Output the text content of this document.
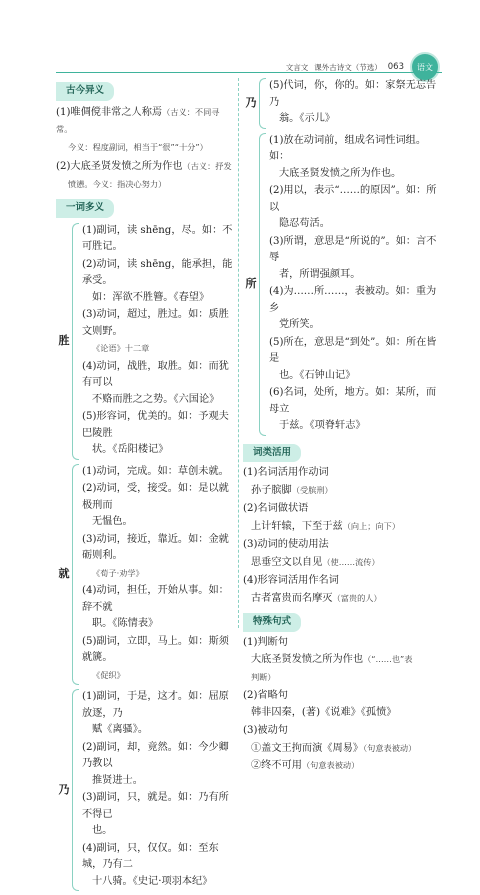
文言文 课外古诗文（节选） 063	语文
古今异义
(1)唯倜傥非常之人称焉（古义：不同寻常。
今义：程度副词，相当于“很”“十分”）
(2)大底圣贤发愤之所为作也（古义：抒发
愤懑。今义：指决心努力）
一词多义
胜
(1)副词，读 shēng，尽。如：不可胜记。
(2)动词，读 shēng，能承担，能承受。
如：浑欲不胜簪。《春望》
(3)动词，超过，胜过。如：质胜文则野。
《论语》十二章
(4)动词，战胜，取胜。如：而犹有可以
不赂而胜之之势。《六国论》
(5)形容词，优美的。如：予观夫巴陵胜
状。《岳阳楼记》
就
(1)动词，完成。如：草创未就。
(2)动词，受，接受。如：是以就极刑而
无愠色。
(3)动词，接近，靠近。如：金就砺则利。
《荀子·劝学》
(4)动词，担任，开始从事。如：辞不就
职。《陈情表》
(5)副词，立即，马上。如：斯须就篪。
《促织》
乃
(1)副词，于是，这才。如：屈原放逐，乃
赋《离骚》。
(2)副词，却，竟然。如：今少卿乃教以
推贤进士。
(3)副词，只，就是。如：乃有所不得已
也。
(4)副词，只，仅仅。如：至东城，乃有二
十八骑。《史记·项羽本纪》
乃
(5)代词，你，你的。如：家祭无忘告乃
翁。《示儿》
所
(1)放在动词前，组成名词性词组。如：
大底圣贤发愤之所为作也。
(2)用以，表示“……的原因”。如：所以
隐忍苟活。
(3)所谓，意思是“所说的”。如：言不辱
者，所谓强颜耳。
(4)为……所……，表被动。如：重为乡
党所笑。
(5)所在，意思是“到处”。如：所在皆是
也。《石钟山记》
(6)名词，处所，地方。如：某所，而母立
于兹。《项脊轩志》
词类活用
(1)名词活用作动词
孙子膑脚（受膑刑）
(2)名词做状语
上计轩辕，下至于兹（向上；向下）
(3)动词的使动用法
思垂空文以自见（使……流传）
(4)形容词活用作名词
古者富贵而名摩灭（富贵的人）
特殊句式
(1)判断句
大底圣贤发愤之所为作也（“……也”表
判断）
(2)省略句
韩非囚秦，(著)《说难》《孤愤》
(3)被动句
①盖文王拘而演《周易》（句意表被动）
②终不可用（句意表被动）
